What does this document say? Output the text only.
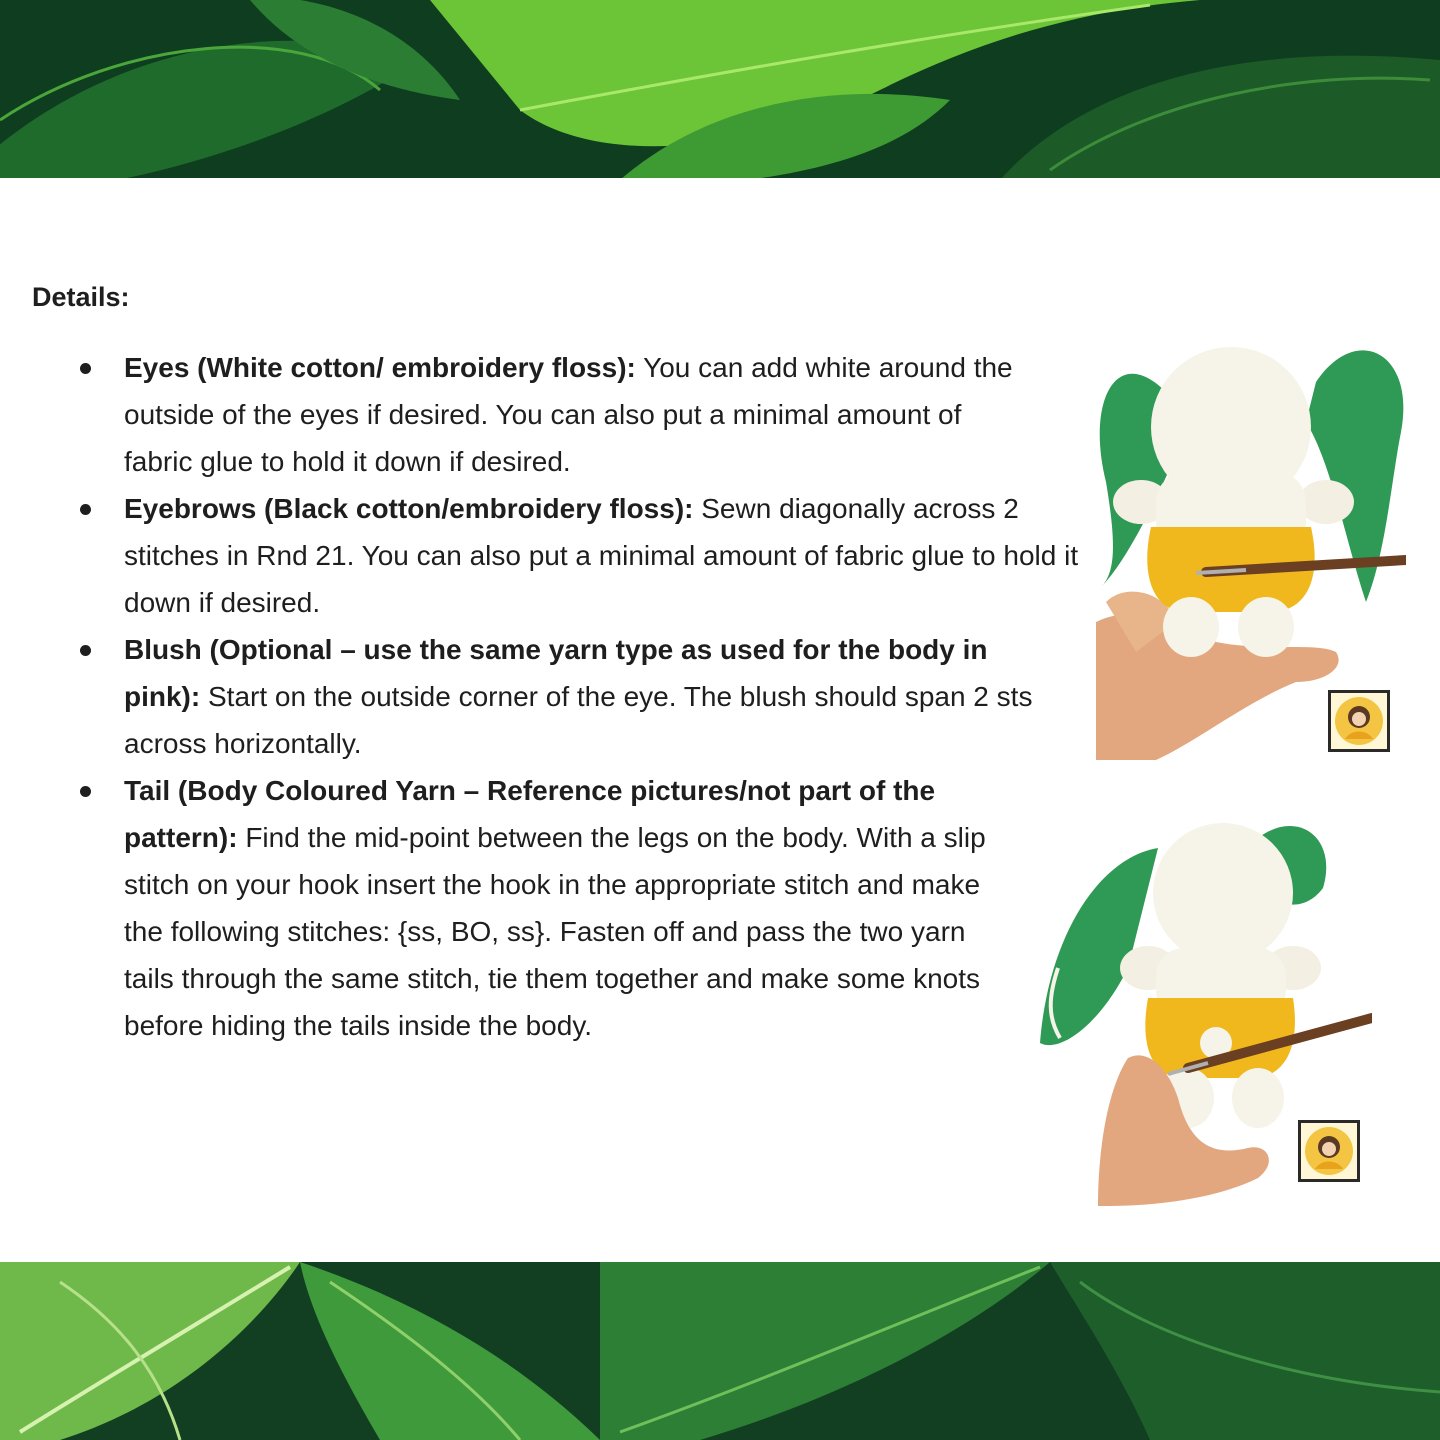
Details:
Eyes (White cotton/ embroidery floss): You can add white around the outside of the eyes if desired. You can also put a minimal amount of fabric glue to hold it down if desired.
Eyebrows (Black cotton/embroidery floss): Sewn diagonally across 2 stitches in Rnd 21. You can also put a minimal amount of fabric glue to hold it down if desired.
Blush (Optional – use the same yarn type as used for the body in pink): Start on the outside corner of the eye. The blush should span 2 sts across horizontally.
Tail (Body Coloured Yarn – Reference pictures/not part of the pattern): Find the mid-point between the legs on the body. With a slip stitch on your hook insert the hook in the appropriate stitch and make the following stitches: {ss, BO, ss}. Fasten off and pass the two yarn tails through the same stitch, tie them together and make some knots before hiding the tails inside the body.
